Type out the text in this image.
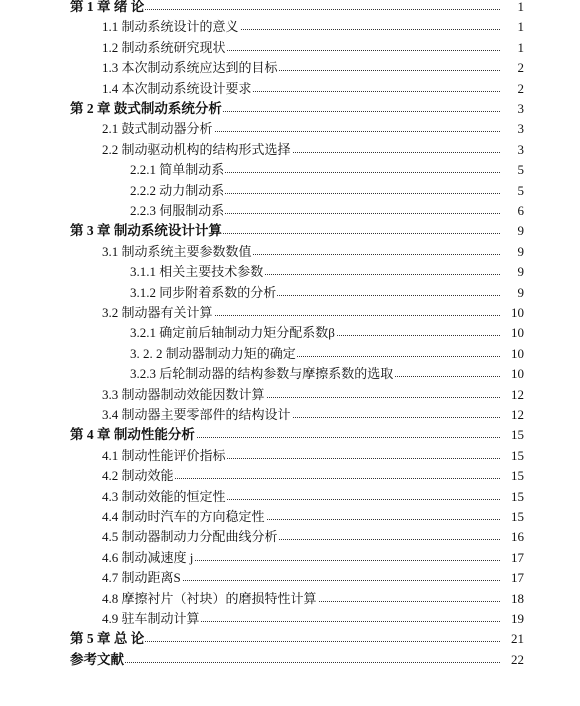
第 1 章 绪 论	1
1.1 制动系统设计的意义	1
1.2 制动系统研究现状	1
1.3 本次制动系统应达到的目标	2
1.4 本次制动系统设计要求	2
第 2 章 鼓式制动系统分析	3
2.1 鼓式制动器分析	3
2.2 制动驱动机构的结构形式选择	3
2.2.1 简单制动系	5
2.2.2 动力制动系	5
2.2.3 伺服制动系	6
第 3 章 制动系统设计计算	9
3.1 制动系统主要参数数值	9
3.1.1 相关主要技术参数	9
3.1.2 同步附着系数的分析	9
3.2 制动器有关计算	10
3.2.1 确定前后轴制动力矩分配系数β	10
3. 2. 2 制动器制动力矩的确定	10
3.2.3 后轮制动器的结构参数与摩擦系数的选取	10
3.3 制动器制动效能因数计算	12
3.4 制动器主要零部件的结构设计	12
第 4 章 制动性能分析	15
4.1 制动性能评价指标	15
4.2 制动效能	15
4.3 制动效能的恒定性	15
4.4 制动时汽车的方向稳定性	15
4.5 制动器制动力分配曲线分析	16
4.6 制动减速度 j	17
4.7 制动距离S	17
4.8 摩擦衬片（衬块）的磨损特性计算	18
4.9 驻车制动计算	19
第 5 章 总 论	21
参考文献	22
